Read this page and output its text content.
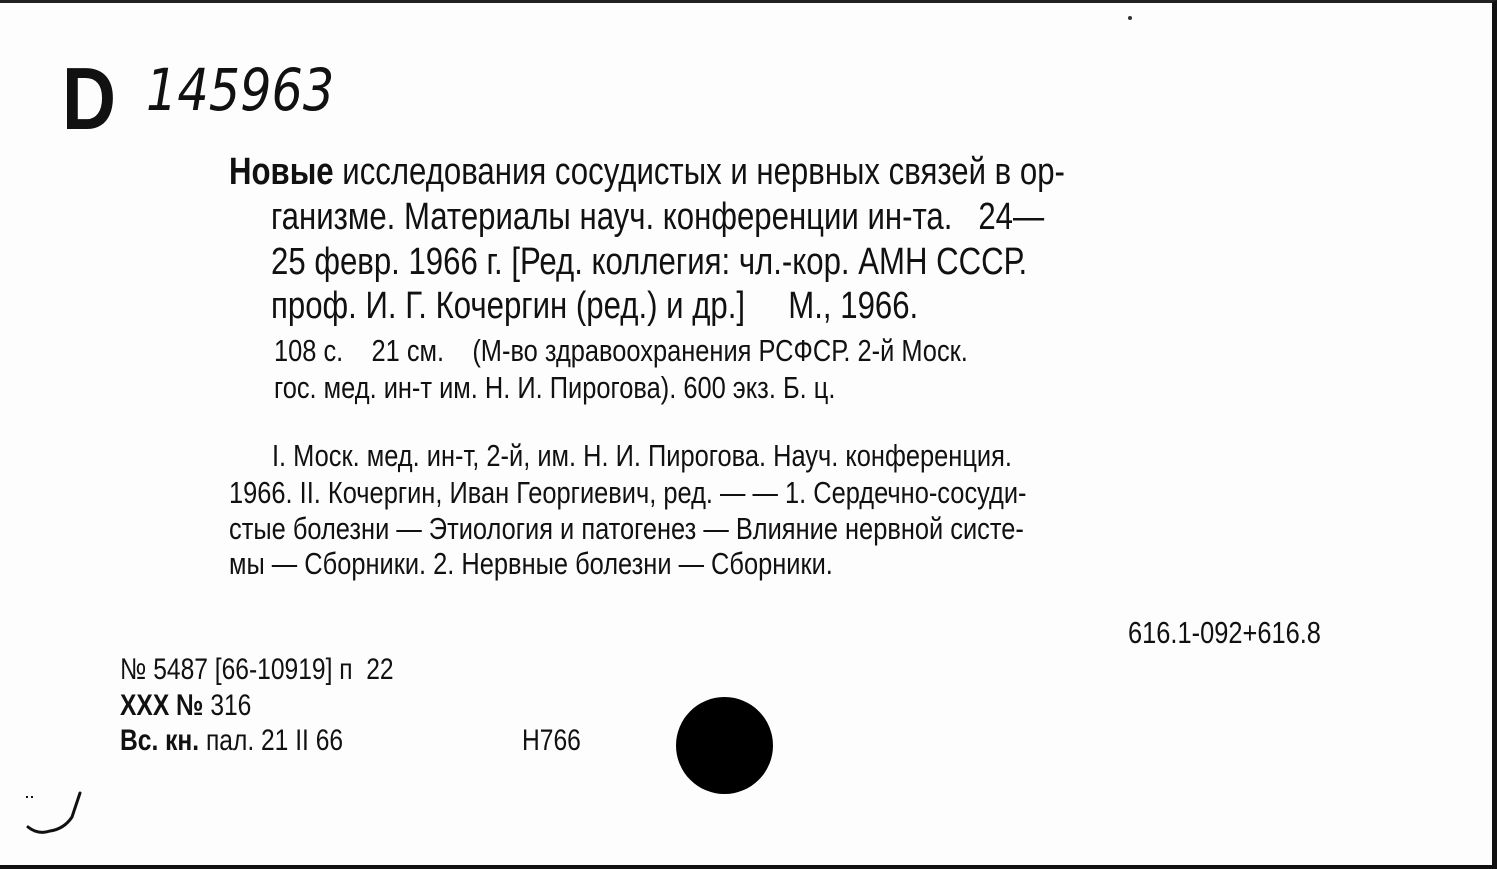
D 145963
Новые исследования сосудистых и нервных связей в ор-
ганизме. Материалы науч. конференции ин-та.   24—
25 февр. 1966 г. [Ред. коллегия: чл.-кор. АМН СССР.
проф. И. Г. Кочергин (ред.) и др.]     М., 1966.
108 с.    21 см.    (М-во здравоохранения РСФСР. 2-й Моск.
гос. мед. ин-т им. Н. И. Пирогова). 600 экз. Б. ц.
I. Моск. мед. ин-т, 2-й, им. Н. И. Пирогова. Науч. конференция.
1966. II. Кочергин, Иван Георгиевич, ред. — — 1. Сердечно-сосуди-
стые болезни — Этиология и патогенез — Влияние нервной систе-
мы — Сборники. 2. Нервные болезни — Сборники.
616.1-092+616.8
№ 5487 [66-10919] п  22
XXX № 316
Вс. кн. пал. 21 II 66	Н766
